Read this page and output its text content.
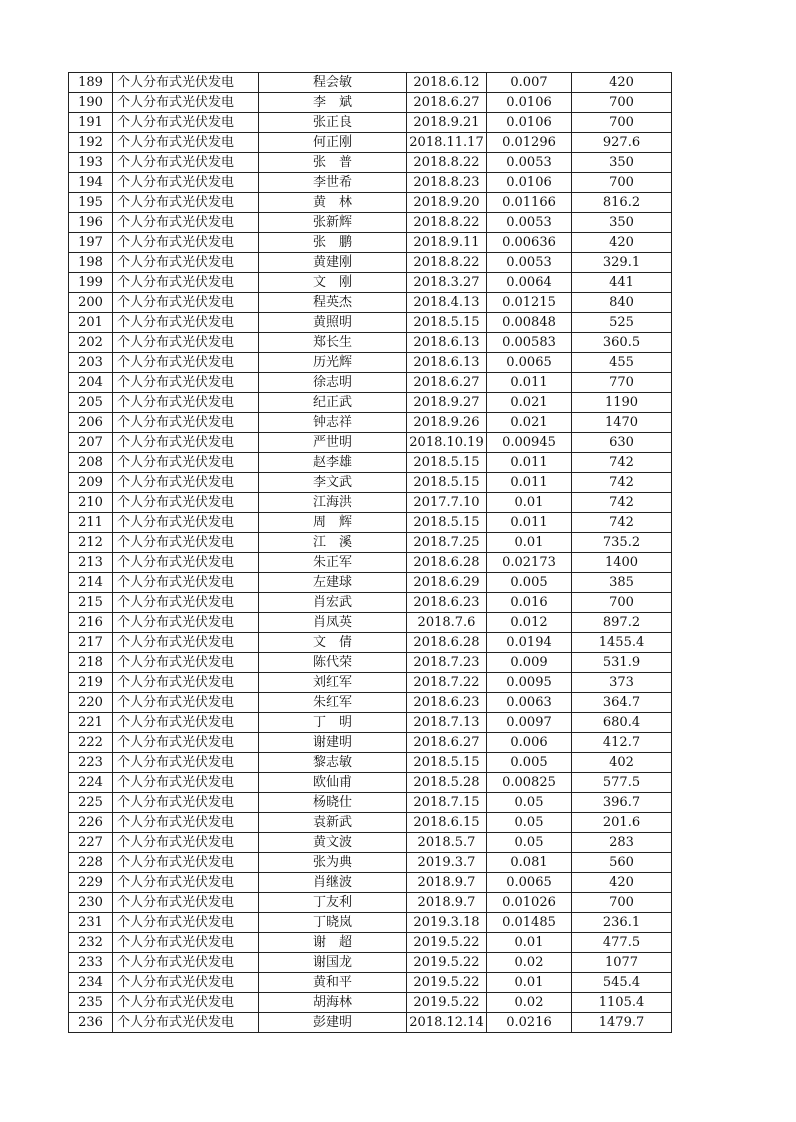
189	个人分布式光伏发电	程会敏	2018.6.12	0.007	420
190	个人分布式光伏发电	李　斌	2018.6.27	0.0106	700
191	个人分布式光伏发电	张正良	2018.9.21	0.0106	700
192	个人分布式光伏发电	何正刚	2018.11.17	0.01296	927.6
193	个人分布式光伏发电	张　普	2018.8.22	0.0053	350
194	个人分布式光伏发电	李世希	2018.8.23	0.0106	700
195	个人分布式光伏发电	黄　林	2018.9.20	0.01166	816.2
196	个人分布式光伏发电	张新辉	2018.8.22	0.0053	350
197	个人分布式光伏发电	张　鹏	2018.9.11	0.00636	420
198	个人分布式光伏发电	黄建刚	2018.8.22	0.0053	329.1
199	个人分布式光伏发电	文　刚	2018.3.27	0.0064	441
200	个人分布式光伏发电	程英杰	2018.4.13	0.01215	840
201	个人分布式光伏发电	黄照明	2018.5.15	0.00848	525
202	个人分布式光伏发电	郑长生	2018.6.13	0.00583	360.5
203	个人分布式光伏发电	历光辉	2018.6.13	0.0065	455
204	个人分布式光伏发电	徐志明	2018.6.27	0.011	770
205	个人分布式光伏发电	纪正武	2018.9.27	0.021	1190
206	个人分布式光伏发电	钟志祥	2018.9.26	0.021	1470
207	个人分布式光伏发电	严世明	2018.10.19	0.00945	630
208	个人分布式光伏发电	赵李雄	2018.5.15	0.011	742
209	个人分布式光伏发电	李文武	2018.5.15	0.011	742
210	个人分布式光伏发电	江海洪	2017.7.10	0.01	742
211	个人分布式光伏发电	周　辉	2018.5.15	0.011	742
212	个人分布式光伏发电	江　溪	2018.7.25	0.01	735.2
213	个人分布式光伏发电	朱正军	2018.6.28	0.02173	1400
214	个人分布式光伏发电	左建球	2018.6.29	0.005	385
215	个人分布式光伏发电	肖宏武	2018.6.23	0.016	700
216	个人分布式光伏发电	肖凤英	2018.7.6	0.012	897.2
217	个人分布式光伏发电	文　倩	2018.6.28	0.0194	1455.4
218	个人分布式光伏发电	陈代荣	2018.7.23	0.009	531.9
219	个人分布式光伏发电	刘红军	2018.7.22	0.0095	373
220	个人分布式光伏发电	朱红军	2018.6.23	0.0063	364.7
221	个人分布式光伏发电	丁　明	2018.7.13	0.0097	680.4
222	个人分布式光伏发电	谢建明	2018.6.27	0.006	412.7
223	个人分布式光伏发电	黎志敏	2018.5.15	0.005	402
224	个人分布式光伏发电	欧仙甫	2018.5.28	0.00825	577.5
225	个人分布式光伏发电	杨晓仕	2018.7.15	0.05	396.7
226	个人分布式光伏发电	袁新武	2018.6.15	0.05	201.6
227	个人分布式光伏发电	黄文波	2018.5.7	0.05	283
228	个人分布式光伏发电	张为典	2019.3.7	0.081	560
229	个人分布式光伏发电	肖继波	2018.9.7	0.0065	420
230	个人分布式光伏发电	丁友利	2018.9.7	0.01026	700
231	个人分布式光伏发电	丁晓岚	2019.3.18	0.01485	236.1
232	个人分布式光伏发电	谢　超	2019.5.22	0.01	477.5
233	个人分布式光伏发电	谢国龙	2019.5.22	0.02	1077
234	个人分布式光伏发电	黄和平	2019.5.22	0.01	545.4
235	个人分布式光伏发电	胡海林	2019.5.22	0.02	1105.4
236	个人分布式光伏发电	彭建明	2018.12.14	0.0216	1479.7
